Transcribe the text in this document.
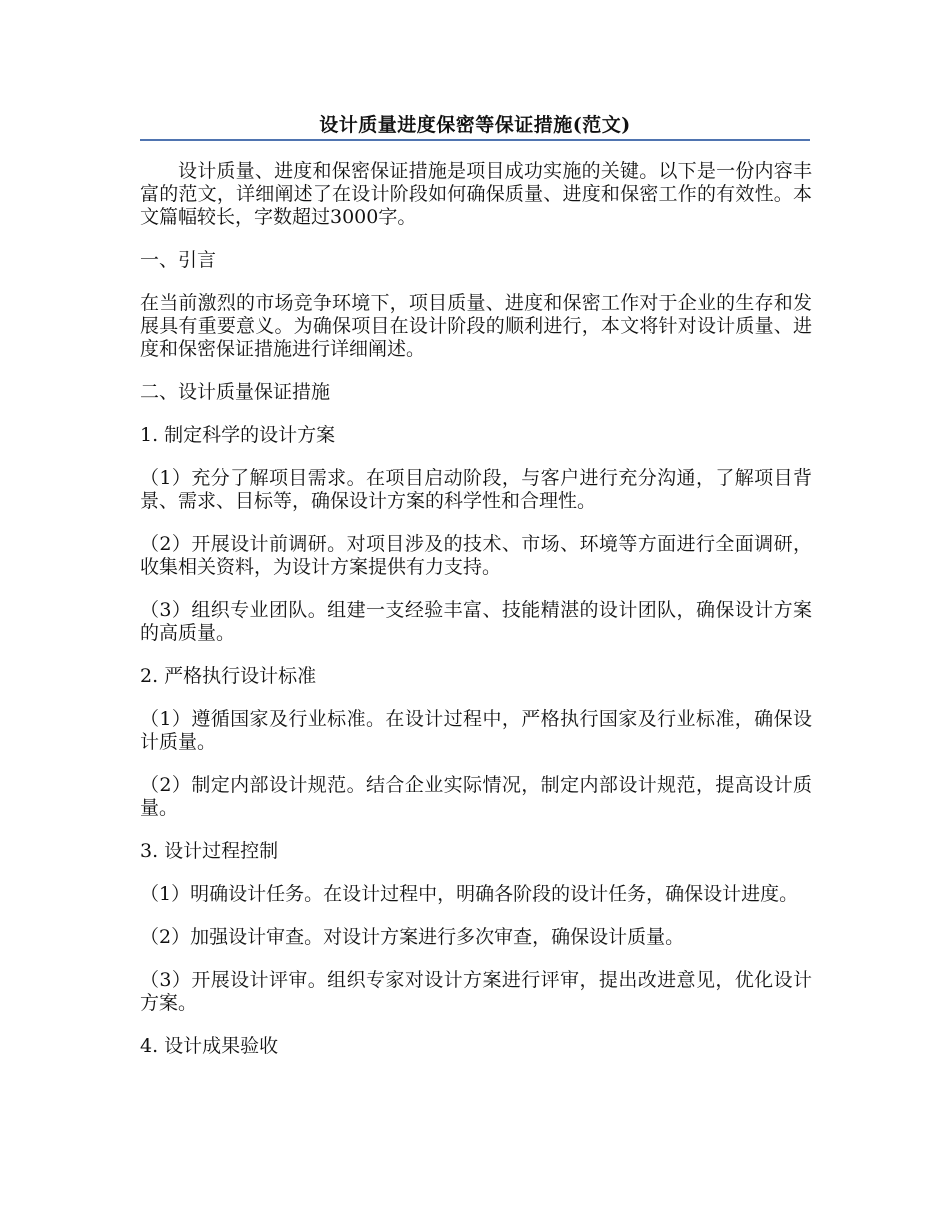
设计质量进度保密等保证措施(范文)

设计质量、进度和保密保证措施是项目成功实施的关键。以下是一份内容丰富的范文，详细阐述了在设计阶段如何确保质量、进度和保密工作的有效性。本文篇幅较长，字数超过3000字。

一、引言

在当前激烈的市场竞争环境下，项目质量、进度和保密工作对于企业的生存和发展具有重要意义。为确保项目在设计阶段的顺利进行，本文将针对设计质量、进度和保密保证措施进行详细阐述。

二、设计质量保证措施
1. 制定科学的设计方案

（1）充分了解项目需求。在项目启动阶段，与客户进行充分沟通，了解项目背景、需求、目标等，确保设计方案的科学性和合理性。

（2）开展设计前调研。对项目涉及的技术、市场、环境等方面进行全面调研，收集相关资料，为设计方案提供有力支持。

（3）组织专业团队。组建一支经验丰富、技能精湛的设计团队，确保设计方案的高质量。

2. 严格执行设计标准

（1）遵循国家及行业标准。在设计过程中，严格执行国家及行业标准，确保设计质量。

（2）制定内部设计规范。结合企业实际情况，制定内部设计规范，提高设计质量。

3. 设计过程控制

（1）明确设计任务。在设计过程中，明确各阶段的设计任务，确保设计进度。

（2）加强设计审查。对设计方案进行多次审查，确保设计质量。

（3）开展设计评审。组织专家对设计方案进行评审，提出改进意见，优化设计方案。

4. 设计成果验收
